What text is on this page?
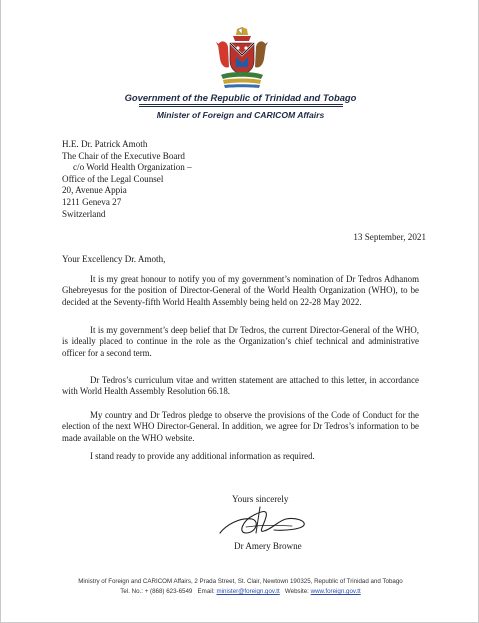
Government of the Republic of Trinidad and Tobago
Minister of Foreign and CARICOM Affairs
H.E. Dr. Patrick Amoth
The Chair of the Executive Board
c/o World Health Organization –
Office of the Legal Counsel
20, Avenue Appia
1211 Geneva 27
Switzerland
13 September, 2021
Your Excellency Dr. Amoth,
It is my great honour to notify you of my government’s nomination of Dr Tedros Adhanom Ghebreyesus for the position of Director-General of the World Health Organization (WHO), to be decided at the Seventy-fifth World Health Assembly being held on 22-28 May 2022.
It is my government’s deep belief that Dr Tedros, the current Director-General of the WHO, is ideally placed to continue in the role as the Organization’s chief technical and administrative officer for a second term.
Dr Tedros’s curriculum vitae and written statement are attached to this letter, in accordance with World Health Assembly Resolution 66.18.
My country and Dr Tedros pledge to observe the provisions of the Code of Conduct for the election of the next WHO Director-General. In addition, we agree for Dr Tedros’s information to be made available on the WHO website.
I stand ready to provide any additional information as required.
Yours sincerely
Dr Amery Browne
Ministry of Foreign and CARICOM Affairs, 2 Prada Street, St. Clair, Newtown 190325, Republic of Trinidad and Tobago
Tel. No.: + (868) 623-6549 Email: minister@foreign.gov.tt Website: www.foreign.gov.tt
